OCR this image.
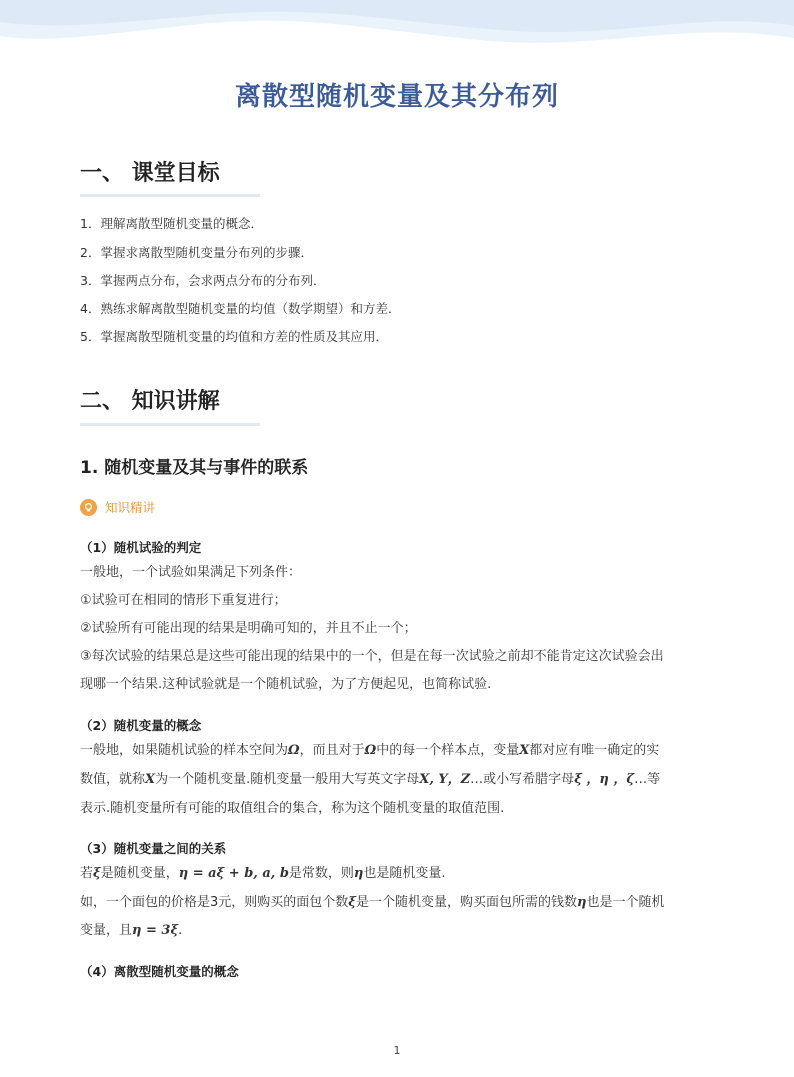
离散型随机变量及其分布列
一、 课堂目标
1．理解离散型随机变量的概念．
2．掌握求离散型随机变量分布列的步骤．
3．掌握两点分布，会求两点分布的分布列．
4．熟练求解离散型随机变量的均值（数学期望）和方差．
5．掌握离散型随机变量的均值和方差的性质及其应用．
二、 知识讲解
1. 随机变量及其与事件的联系
知识精讲
（1）随机试验的判定
一般地，一个试验如果满足下列条件：
①试验可在相同的情形下重复进行；
②试验所有可能出现的结果是明确可知的，并且不止一个；
③每次试验的结果总是这些可能出现的结果中的一个，但是在每一次试验之前却不能肯定这次试验会出
现哪一个结果.这种试验就是一个随机试验，为了方便起见，也简称试验.
（2）随机变量的概念
一般地，如果随机试验的样本空间为Ω，而且对于Ω中的每一个样本点，变量X都对应有唯一确定的实
数值，就称X为一个随机变量.随机变量一般用大写英文字母X, Y，Z…或小写希腊字母ξ ，η ，ζ…等
表示.随机变量所有可能的取值组合的集合，称为这个随机变量的取值范围.
（3）随机变量之间的关系
若ξ是随机变量，η = aξ + b, a, b是常数，则η也是随机变量.
如，一个面包的价格是3元，则购买的面包个数ξ是一个随机变量，购买面包所需的钱数η也是一个随机
变量，且η = 3ξ.
（4）离散型随机变量的概念
1
